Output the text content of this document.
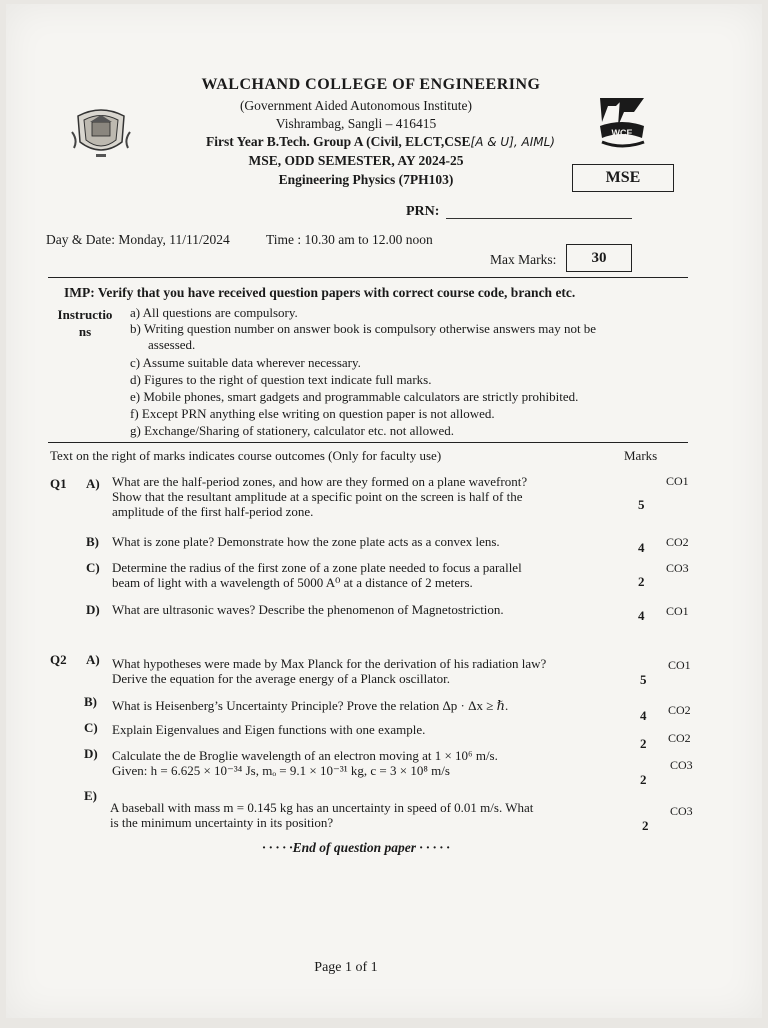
WALCHAND COLLEGE OF ENGINEERING
(Government Aided Autonomous Institute)
Vishrambag, Sangli – 416415
First Year B.Tech. Group A (Civil, ELCT,CSE[A & U], AIML)
MSE, ODD SEMESTER, AY 2024-25
Engineering Physics (7PH103)
WCE
MSE
PRN:
Day & Date: Monday, 11/11/2024	Time : 10.30 am to 12.00 noon
Max Marks:	30
IMP: Verify that you have received question papers with correct course code, branch etc.
Instructio
ns
a) All questions are compulsory.
b) Writing question number on answer book is compulsory otherwise answers may not be
assessed.
c) Assume suitable data wherever necessary.
d) Figures to the right of question text indicate full marks.
e) Mobile phones, smart gadgets and programmable calculators are strictly prohibited.
f) Except PRN anything else writing on question paper is not allowed.
g) Exchange/Sharing of stationery, calculator etc. not allowed.
Text on the right of marks indicates course outcomes (Only for faculty use)	Marks
Q1 A) What are the half-period zones, and how are they formed on a plane wavefront?
Show that the resultant amplitude at a specific point on the screen is half of the
amplitude of the first half-period zone.	5
CO1
B) What is zone plate? Demonstrate how the zone plate acts as a convex lens.	4 CO2
C) Determine the radius of the first zone of a zone plate needed to focus a parallel
beam of light with a wavelength of 5000 A⁰ at a distance of 2 meters.	2
CO3
D) What are ultrasonic waves? Describe the phenomenon of Magnetostriction.	4 CO1
Q2 A) What hypotheses were made by Max Planck for the derivation of his radiation law?
Derive the equation for the average energy of a Planck oscillator.	5
CO1
B) What is Heisenberg’s Uncertainty Principle? Prove the relation Δp · Δx ≥ ℏ.
4 CO2
C) Explain Eigenvalues and Eigen functions with one example.
2 CO2
D) Calculate the de Broglie wavelength of an electron moving at 1 × 10⁶ m/s.
Given: h = 6.625 × 10⁻³⁴ Js, mₒ = 9.1 × 10⁻³¹ kg, c = 3 × 10⁸ m/s
2
CO3
E)
A baseball with mass m = 0.145 kg has an uncertainty in speed of 0.01 m/s. What
is the minimum uncertainty in its position?	2
CO3
· · · · ·End of question paper · · · · ·
Page 1 of 1
